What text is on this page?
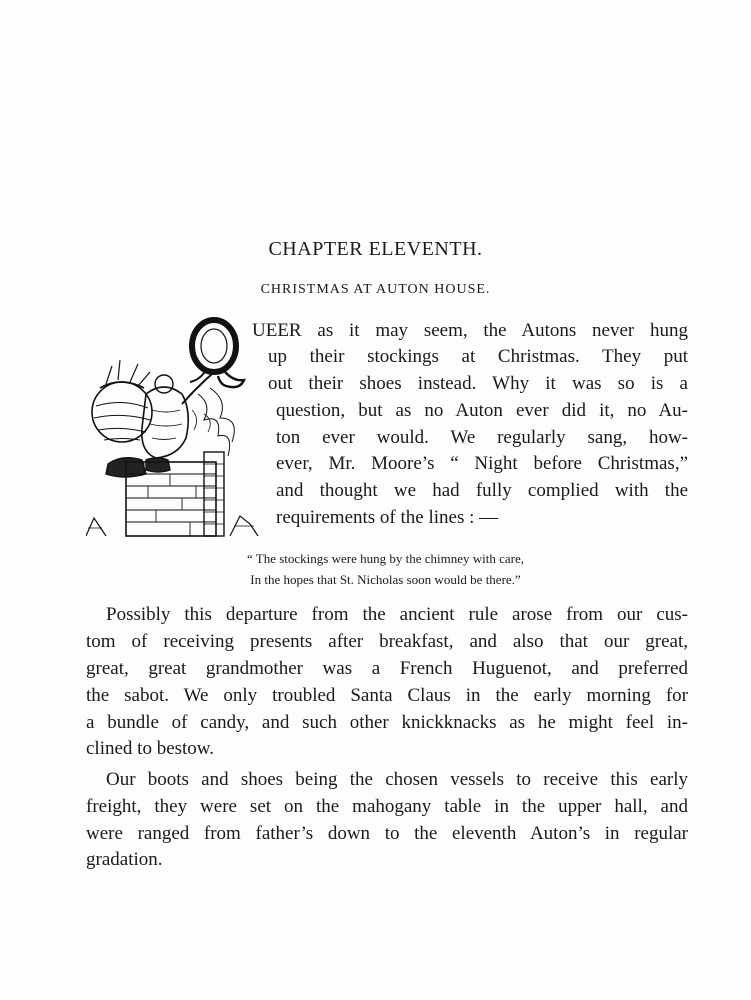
CHAPTER ELEVENTH.
CHRISTMAS AT AUTON HOUSE.
UEER as it may seem, the Autons never hung
up their stockings at Christmas. They put
out their shoes instead. Why it was so is a
question, but as no Auton ever did it, no Au-
ton ever would. We regularly sang, how-
ever, Mr. Moore’s “ Night before Christmas,”
and thought we had fully complied with the
requirements of the lines : —
“ The stockings were hung by the chimney with care,
In the hopes that St. Nicholas soon would be there.”
Possibly this departure from the ancient rule arose from our cus-
tom of receiving presents after breakfast, and also that our great,
great, great grandmother was a French Huguenot, and preferred
the sabot. We only troubled Santa Claus in the early morning for
a bundle of candy, and such other knickknacks as he might feel in-
clined to bestow.
Our boots and shoes being the chosen vessels to receive this early
freight, they were set on the mahogany table in the upper hall, and
were ranged from father’s down to the eleventh Auton’s in regular
gradation.
